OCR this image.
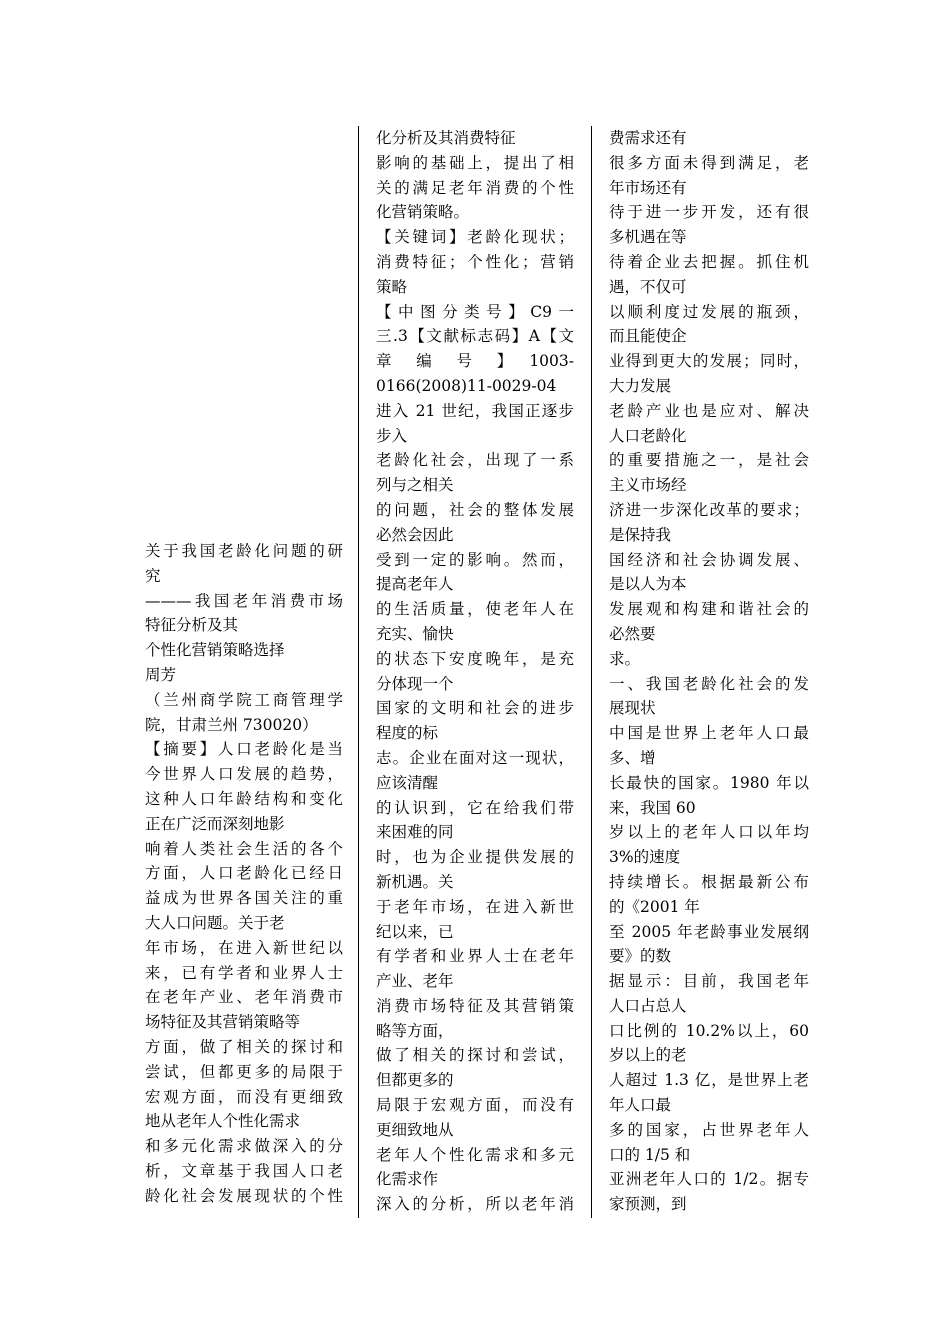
关于我国老龄化问题的研
究
———我国老年消费市场
特征分析及其
个性化营销策略选择
周芳
（兰州商学院工商管理学
院，甘肃兰州 730020）
【摘要】人口老龄化是当
今世界人口发展的趋势，
这种人口年龄结构和变化
正在广泛而深刻地影
响着人类社会生活的各个
方面，人口老龄化已经日
益成为世界各国关注的重
大人口问题。关于老
年市场，在进入新世纪以
来，已有学者和业界人士
在老年产业、老年消费市
场特征及其营销策略等
方面，做了相关的探讨和
尝试，但都更多的局限于
宏观方面，而没有更细致
地从老年人个性化需求
和多元化需求做深入的分
析，文章基于我国人口老
龄化社会发展现状的个性
化分析及其消费特征
影响的基础上，提出了相
关的满足老年消费的个性
化营销策略。
【关键词】老龄化现状；
消费特征；个性化；营销
策略
【中图分类号】C9一
三.3【文献标志码】A【文
章　编　号　】　1003-
0166(2008)11-0029-04
进入 21 世纪，我国正逐步
步入
老龄化社会，出现了一系
列与之相关
的问题，社会的整体发展
必然会因此
受到一定的影响。然而，
提高老年人
的生活质量，使老年人在
充实、愉快
的状态下安度晚年，是充
分体现一个
国家的文明和社会的进步
程度的标
志。企业在面对这一现状，
应该清醒
的认识到，它在给我们带
来困难的同
时，也为企业提供发展的
新机遇。关
于老年市场，在进入新世
纪以来，已
有学者和业界人士在老年
产业、老年
消费市场特征及其营销策
略等方面，
做了相关的探讨和尝试，
但都更多的
局限于宏观方面，而没有
更细致地从
老年人个性化需求和多元
化需求作
深入的分析，所以老年消
费需求还有
很多方面未得到满足，老
年市场还有
待于进一步开发，还有很
多机遇在等
待着企业去把握。抓住机
遇，不仅可
以顺利度过发展的瓶颈，
而且能使企
业得到更大的发展；同时，
大力发展
老龄产业也是应对、解决
人口老龄化
的重要措施之一，是社会
主义市场经
济进一步深化改革的要求；
是保持我
国经济和社会协调发展、
是以人为本
发展观和构建和谐社会的
必然要
求。
一、我国老龄化社会的发
展现状
中国是世界上老年人口最
多、增
长最快的国家。1980 年以
来，我国 60
岁以上的老年人口以年均
3%的速度
持续增长。根据最新公布
的《2001 年
至 2005 年老龄事业发展纲
要》的数
据显示：目前，我国老年
人口占总人
口比例的 10.2%以上，60
岁以上的老
人超过 1.3 亿，是世界上老
年人口最
多的国家，占世界老年人
口的 1/5 和
亚洲老年人口的 1/2。据专
家预测，到
